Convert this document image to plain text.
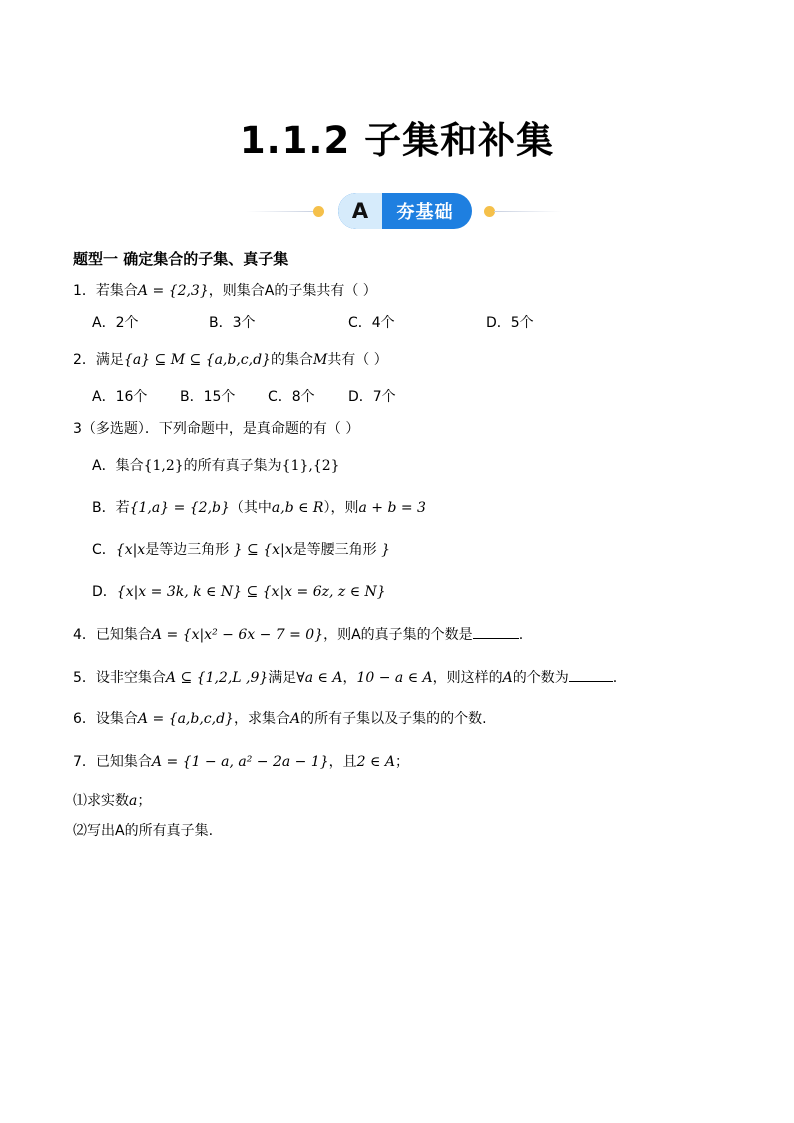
1.1.2 子集和补集
A	夯基础
题型一 确定集合的子集、真子集
1．若集合A = {2,3}，则集合A的子集共有（ ）
A．2个	B．3个	C．4个	D．5个
2．满足{a} ⊆ M ⊆ {a,b,c,d}的集合M共有（ ）
A．16个 B．15个 C．8个 D．7个
3（多选题）．下列命题中，是真命题的有（ ）
A．集合{1,2}的所有真子集为{1},{2}
B．若{1,a} = {2,b}（其中a,b ∈ R），则a + b = 3
C．{x|x是等边三角形 } ⊆ {x|x是等腰三角形 }
D．{x|x = 3k, k ∈ N} ⊆ {x|x = 6z, z ∈ N}
4．已知集合A = {x|x² − 6x − 7 = 0}，则A的真子集的个数是	.
5．设非空集合A ⊆ {1,2,L ,9}满足∀a ∈ A，10 − a ∈ A，则这样的A的个数为	.
6．设集合A = {a,b,c,d}，求集合A的所有子集以及子集的的个数.
7．已知集合A = {1 − a, a² − 2a − 1}，且2 ∈ A；
⑴求实数a；
⑵写出A的所有真子集.
